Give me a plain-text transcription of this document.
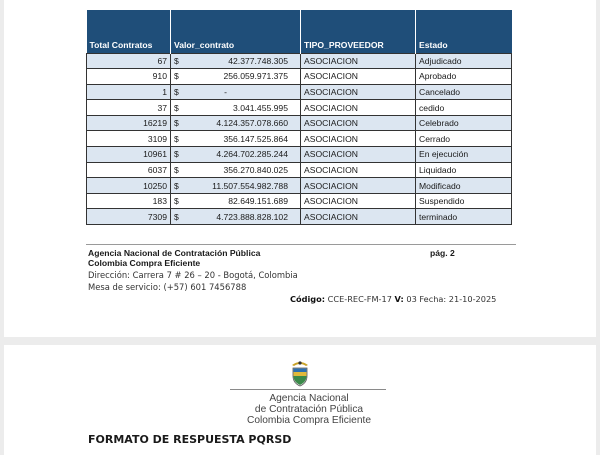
Total Contratos	Valor_contrato	TIPO_PROVEEDOR	Estado
67	$ 42.377.748.305	ASOCIACION	Adjudicado
910	$ 256.059.971.375	ASOCIACION	Aprobado
1	$ -	ASOCIACION	Cancelado
37	$ 3.041.455.995	ASOCIACION	cedido
16219	$ 4.124.357.078.660	ASOCIACION	Celebrado
3109	$ 356.147.525.864	ASOCIACION	Cerrado
10961	$ 4.264.702.285.244	ASOCIACION	En ejecución
6037	$ 356.270.840.025	ASOCIACION	Liquidado
10250	$ 11.507.554.982.788	ASOCIACION	Modificado
183	$ 82.649.151.689	ASOCIACION	Suspendido
7309	$ 4.723.888.828.102	ASOCIACION	terminado
Agencia Nacional de Contratación Pública	pág. 2
Colombia Compra Eficiente
Dirección: Carrera 7 # 26 – 20 - Bogotá, Colombia
Mesa de servicio: (+57) 601 7456788
Código: CCE-REC-FM-17 V: 03 Fecha: 21-10-2025
Agencia Nacional
de Contratación Pública
Colombia Compra Eficiente
FORMATO DE RESPUESTA PQRSD
